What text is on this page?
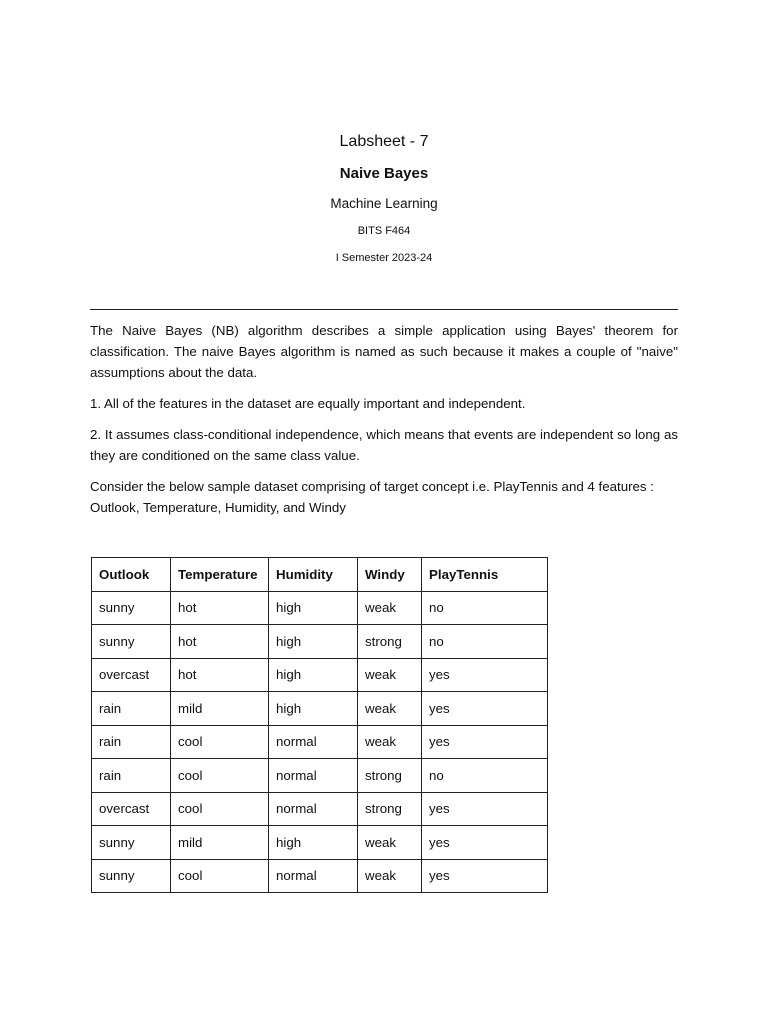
Labsheet - 7
Naive Bayes
Machine Learning
BITS F464
I Semester 2023-24

The Naive Bayes (NB) algorithm describes a simple application using Bayes' theorem for classification. The naive Bayes algorithm is named as such because it makes a couple of "naive" assumptions about the data.

1. All of the features in the dataset are equally important and independent.

2. It assumes class-conditional independence, which means that events are independent so long as they are conditioned on the same class value.

Consider the below sample dataset comprising of target concept i.e. PlayTennis and 4 features : Outlook, Temperature, Humidity, and Windy

Outlook	Temperature	Humidity	Windy	PlayTennis
sunny	hot	high	weak	no
sunny	hot	high	strong	no
overcast	hot	high	weak	yes
rain	mild	high	weak	yes
rain	cool	normal	weak	yes
rain	cool	normal	strong	no
overcast	cool	normal	strong	yes
sunny	mild	high	weak	yes
sunny	cool	normal	weak	yes
